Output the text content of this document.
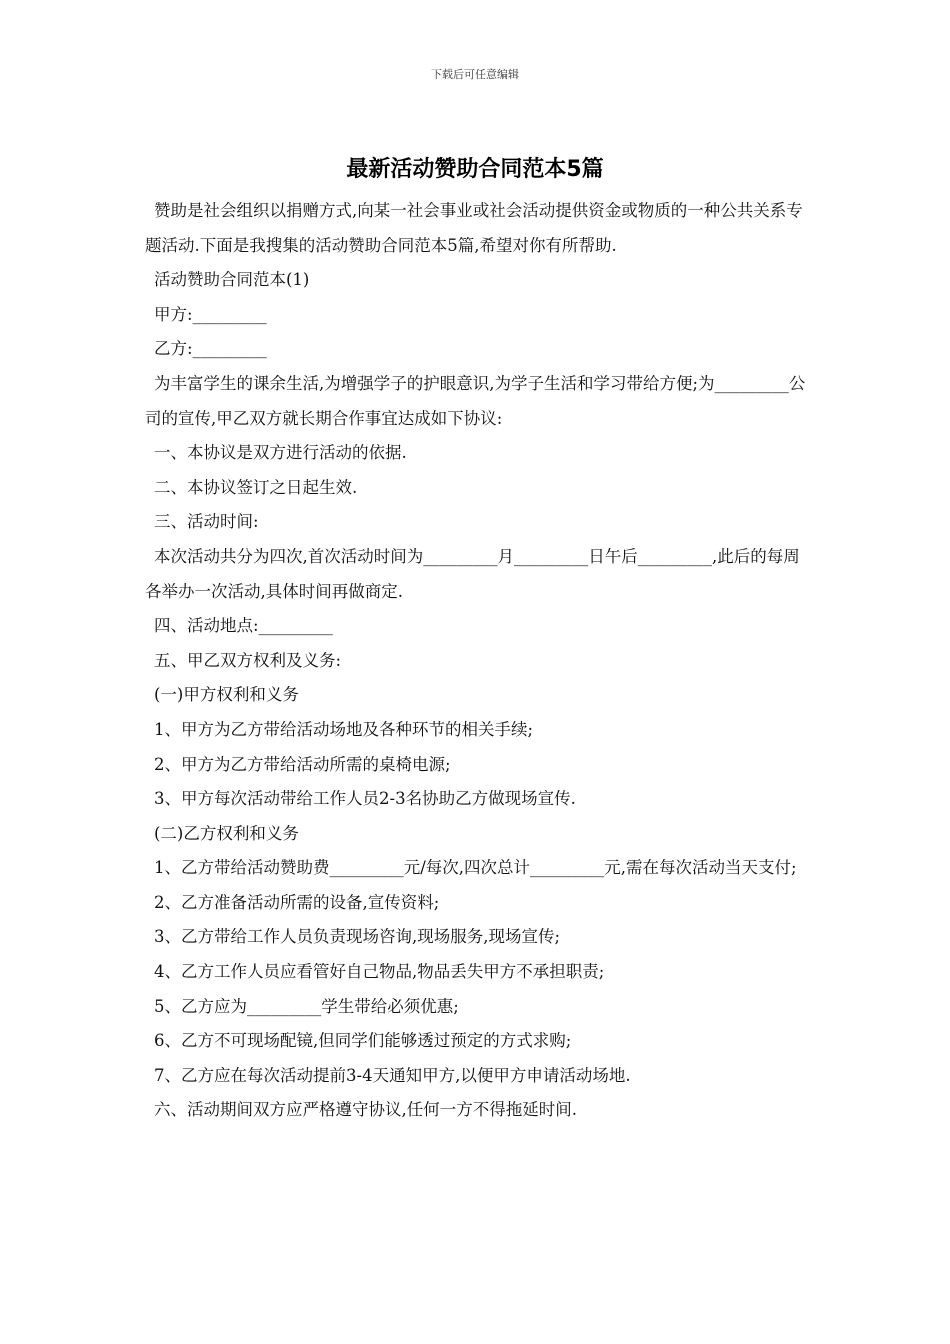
下载后可任意编辑
最新活动赞助合同范本5篇

赞助是社会组织以捐赠方式,向某一社会事业或社会活动提供资金或物质的一种公共关系专题活动.下面是我搜集的活动赞助合同范本5篇,希望对你有所帮助.

活动赞助合同范本(1)

甲方:_________

乙方:_________

为丰富学生的课余生活,为增强学子的护眼意识,为学子生活和学习带给方便;为_________公司的宣传,甲乙双方就长期合作事宜达成如下协议:

一、本协议是双方进行活动的依据.

二、本协议签订之日起生效.

三、活动时间:

本次活动共分为四次,首次活动时间为_________月_________日午后_________,此后的每周各举办一次活动,具体时间再做商定.

四、活动地点:_________

五、甲乙双方权利及义务:

(一)甲方权利和义务

1、甲方为乙方带给活动场地及各种环节的相关手续;

2、甲方为乙方带给活动所需的桌椅电源;

3、甲方每次活动带给工作人员2-3名协助乙方做现场宣传.

(二)乙方权利和义务

1、乙方带给活动赞助费_________元/每次,四次总计_________元,需在每次活动当天支付;

2、乙方准备活动所需的设备,宣传资料;

3、乙方带给工作人员负责现场咨询,现场服务,现场宣传;

4、乙方工作人员应看管好自己物品,物品丢失甲方不承担职责;

5、乙方应为_________学生带给必须优惠;

6、乙方不可现场配镜,但同学们能够透过预定的方式求购;

7、乙方应在每次活动提前3-4天通知甲方,以便甲方申请活动场地.

六、活动期间双方应严格遵守协议,任何一方不得拖延时间.
